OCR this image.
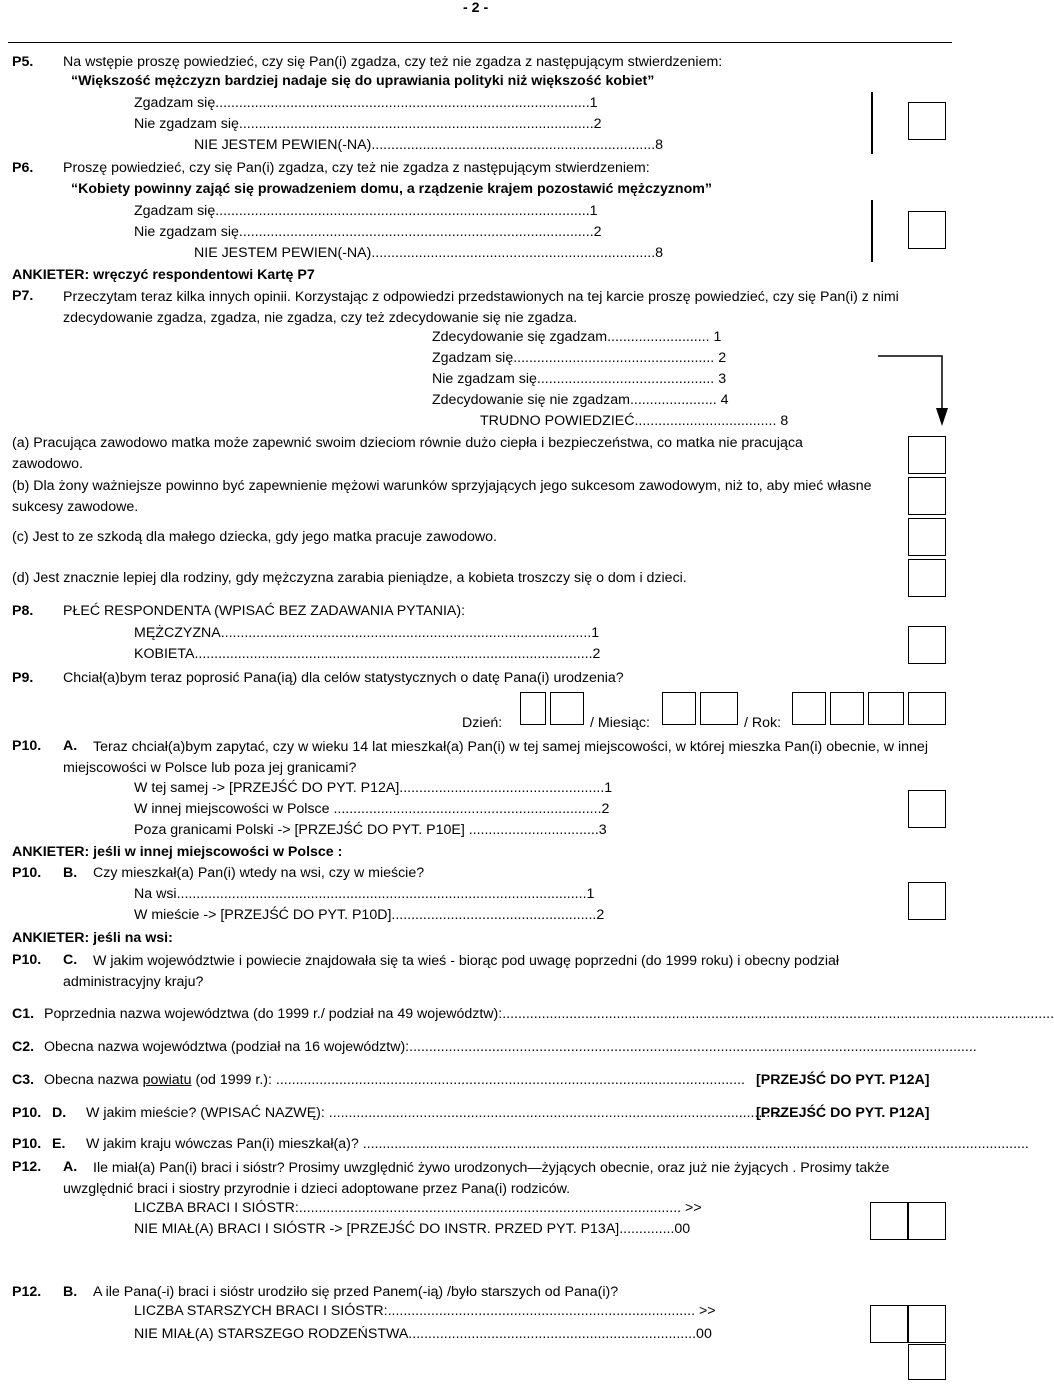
- 2 -
P5. Na wstępie proszę powiedzieć, czy się Pan(i) zgadza, czy też nie zgadza z następującym stwierdzeniem:
“Większość mężczyzn bardziej nadaje się do uprawiania polityki niż większość kobiet”
Zgadzam się...............................................................................................1
Nie zgadzam się..........................................................................................2
NIE JESTEM PEWIEN(-NA)........................................................................8
P6. Proszę powiedzieć, czy się Pan(i) zgadza, czy też nie zgadza z następującym stwierdzeniem:
“Kobiety powinny zająć się prowadzeniem domu, a rządzenie krajem pozostawić mężczyznom”
Zgadzam się...............................................................................................1
Nie zgadzam się..........................................................................................2
NIE JESTEM PEWIEN(-NA)........................................................................8
ANKIETER: wręczyć respondentowi Kartę P7
P7. Przeczytam teraz kilka innych opinii. Korzystając z odpowiedzi przedstawionych na tej karcie proszę powiedzieć, czy się Pan(i) z nimi zdecydowanie zgadza, zgadza, nie zgadza, czy też zdecydowanie się nie zgadza.
Zdecydowanie się zgadzam.......................... 1
Zgadzam się................................................... 2
Nie zgadzam się............................................. 3
Zdecydowanie się nie zgadzam...................... 4
TRUDNO POWIEDZIEĆ.................................... 8
(a) Pracująca zawodowo matka może zapewnić swoim dzieciom równie dużo ciepła i bezpieczeństwa, co matka nie pracująca zawodowo.
(b) Dla żony ważniejsze powinno być zapewnienie mężowi warunków sprzyjających jego sukcesom zawodowym, niż to, aby mieć własne sukcesy zawodowe.
(c) Jest to ze szkodą dla małego dziecka, gdy jego matka pracuje zawodowo.
(d) Jest znacznie lepiej dla rodziny, gdy mężczyzna zarabia pieniądze, a kobieta troszczy się o dom i dzieci.
P8. PŁEĆ RESPONDENTA (WPISAĆ BEZ ZADAWANIA PYTANIA):
MĘŻCZYZNA..............................................................................................1
KOBIETA.....................................................................................................2
P9. Chciał(a)bym teraz poprosić Pana(ią) dla celów statystycznych o datę Pana(i) urodzenia?
Dzień:	/ Miesiąc:	/ Rok:
P10. A.	Teraz chciał(a)bym zapytać, czy w wieku 14 lat mieszkał(a) Pan(i) w tej samej miejscowości, w której mieszka Pan(i) obecnie, w innej miejscowości w Polsce lub poza jej granicami?
W tej samej -> [PRZEJŚĆ DO PYT. P12A]....................................................1
W innej miejscowości w Polsce ....................................................................2
Poza granicami Polski -> [PRZEJŚĆ DO PYT. P10E] .................................3
ANKIETER: jeśli w innej miejscowości w Polsce :
P10. B. Czy mieszkał(a) Pan(i) wtedy na wsi, czy w mieście?
Na wsi........................................................................................................1
W mieście -> [PRZEJŚĆ DO PYT. P10D]....................................................2
ANKIETER: jeśli na wsi:
P10. C.	W jakim województwie i powiecie znajdowała się ta wieś - biorąc pod uwagę poprzedni (do 1999 roku) i obecny podział administracyjny kraju?
C1. Poprzednia nazwa województwa (do 1999 r./ podział na 49 województw):............................................................................................................................................
C2. Obecna nazwa województwa (podział na 16 województw):................................................................................................................................................
C3. Obecna nazwa powiatu (od 1999 r.): ....................................................................................................................... [PRZEJŚĆ DO PYT. P12A]
P10. D. W jakim mieście? (WPISAĆ NAZWĘ): ....................................................................................................................
[PRZEJŚĆ DO PYT. P12A]
P10. E. W jakim kraju wówczas Pan(i) mieszkał(a)? .........................................................................................................................................................................
P12. A.	Ile miał(a) Pan(i) braci i sióstr? Prosimy uwzględnić żywo urodzonych—żyjących obecnie, oraz już nie żyjących . Prosimy także uwzględnić braci i siostry przyrodnie i dzieci adoptowane przez Pana(i) rodziców.
LICZBA BRACI I SIÓSTR:................................................................................................. >>
NIE MIAŁ(A) BRACI I SIÓSTR -> [PRZEJŚĆ DO INSTR. PRZED PYT. P13A]..............00
P12. B. A ile Pana(-i) braci i sióstr urodziło się przed Panem(-ią) /było starszych od Pana(i)?
LICZBA STARSZYCH BRACI I SIÓSTR:.............................................................................. >>
NIE MIAŁ(A) STARSZEGO RODZEŃSTWA.........................................................................00
